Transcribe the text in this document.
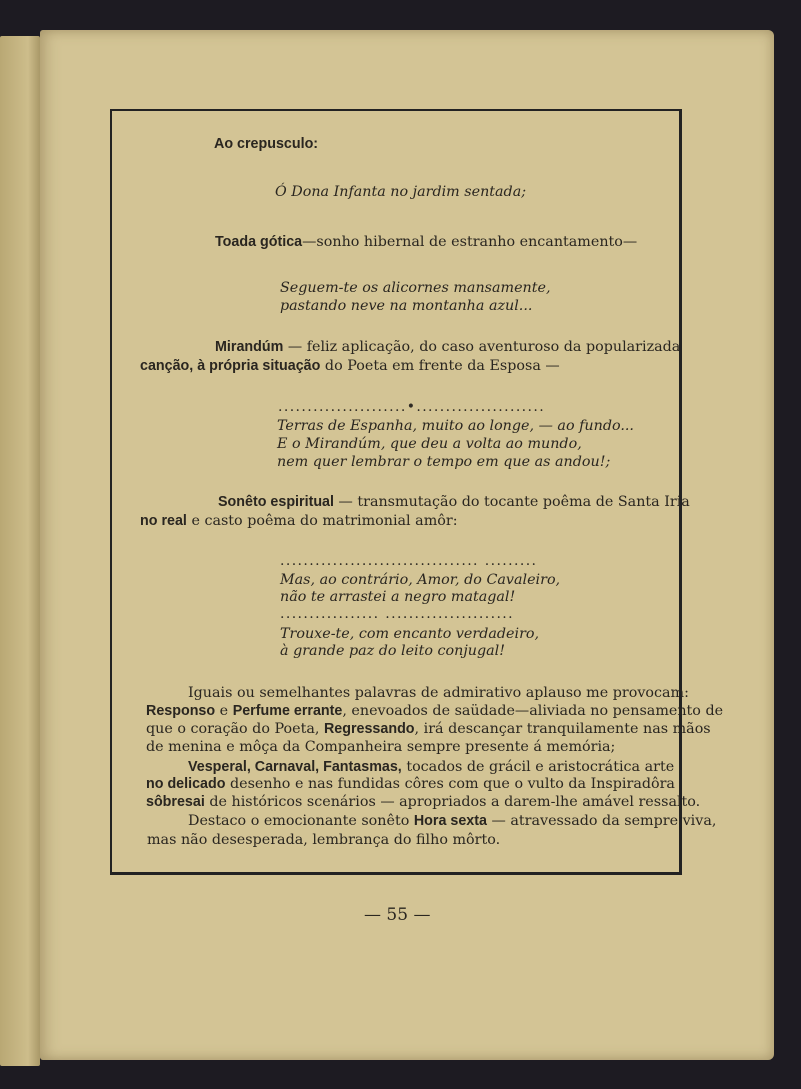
Ao crepusculo:
Ó Dona Infanta no jardim sentada;
Toada gótica—sonho hibernal de estranho encantamento—
Seguem-te os alicornes mansamente,
pastando neve na montanha azul...
Mirandúm — feliz aplicação, do caso aventuroso da popularizada
canção, à própria situação do Poeta em frente da Esposa —
......................•......................
Terras de Espanha, muito ao longe, — ao fundo...
E o Mirandúm, que deu a volta ao mundo,
nem quer lembrar o tempo em que as andou!;
Sonêto espiritual — transmutação do tocante poêma de Santa Iria
no real e casto poêma do matrimonial amôr:
.................................. .........
Mas, ao contrário, Amor, do Cavaleiro,
não te arrastei a negro matagal!
................. ......................
Trouxe-te, com encanto verdadeiro,
à grande paz do leito conjugal!
Iguais ou semelhantes palavras de admirativo aplauso me provocam:
Responso e Perfume errante, enevoados de saüdade—aliviada no pensamento de
que o coração do Poeta, Regressando, irá descançar tranquilamente nas mãos
de menina e môça da Companheira sempre presente á memória;
Vesperal, Carnaval, Fantasmas, tocados de grácil e aristocrática arte
no delicado desenho e nas fundidas côres com que o vulto da Inspiradôra
sôbresai de históricos scenários — apropriados a darem-lhe amável ressalto.
Destaco o emocionante sonêto Hora sexta — atravessado da sempre viva,
mas não desesperada, lembrança do filho môrto.
— 55 —
